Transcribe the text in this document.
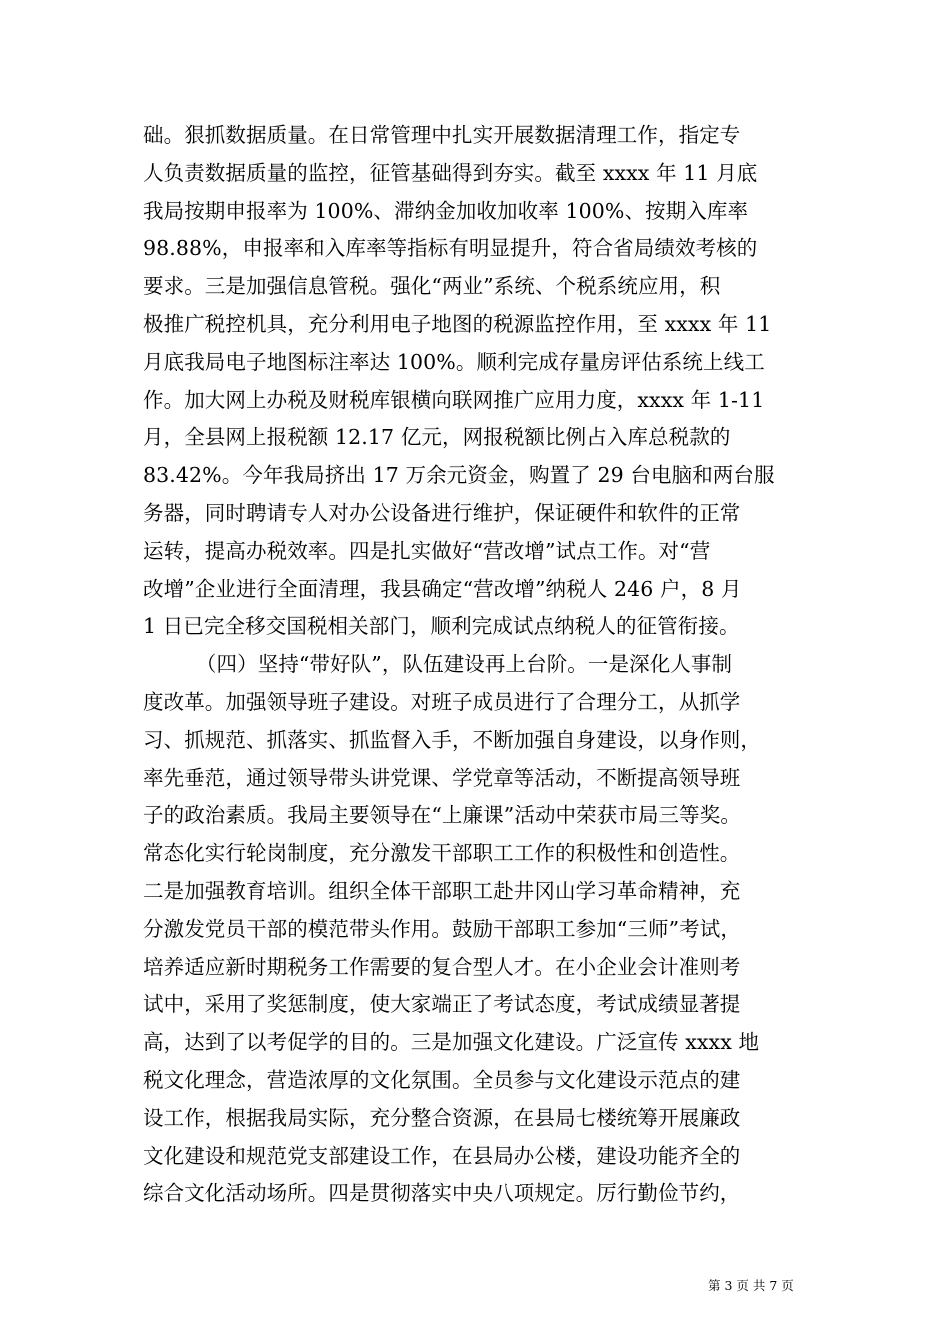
础。狠抓数据质量。在日常管理中扎实开展数据清理工作，指定专
人负责数据质量的监控，征管基础得到夯实。截至 xxxx 年 11 月底
我局按期申报率为 100%、滞纳金加收加收率 100%、按期入库率
98.88%，申报率和入库率等指标有明显提升，符合省局绩效考核的
要求。三是加强信息管税。强化“两业”系统、个税系统应用，积
极推广税控机具，充分利用电子地图的税源监控作用，至 xxxx 年 11
月底我局电子地图标注率达 100%。顺利完成存量房评估系统上线工
作。加大网上办税及财税库银横向联网推广应用力度，xxxx 年 1-11
月，全县网上报税额 12.17 亿元，网报税额比例占入库总税款的
83.42%。今年我局挤出 17 万余元资金，购置了 29 台电脑和两台服
务器，同时聘请专人对办公设备进行维护，保证硬件和软件的正常
运转，提高办税效率。四是扎实做好“营改增”试点工作。对“营
改增”企业进行全面清理，我县确定“营改增”纳税人 246 户，8 月
1 日已完全移交国税相关部门，顺利完成试点纳税人的征管衔接。
（四）坚持“带好队”，队伍建设再上台阶。一是深化人事制
度改革。加强领导班子建设。对班子成员进行了合理分工，从抓学
习、抓规范、抓落实、抓监督入手，不断加强自身建设，以身作则，
率先垂范，通过领导带头讲党课、学党章等活动，不断提高领导班
子的政治素质。我局主要领导在“上廉课”活动中荣获市局三等奖。
常态化实行轮岗制度，充分激发干部职工工作的积极性和创造性。
二是加强教育培训。组织全体干部职工赴井冈山学习革命精神，充
分激发党员干部的模范带头作用。鼓励干部职工参加“三师”考试，
培养适应新时期税务工作需要的复合型人才。在小企业会计准则考
试中，采用了奖惩制度，使大家端正了考试态度，考试成绩显著提
高，达到了以考促学的目的。三是加强文化建设。广泛宣传 xxxx 地
税文化理念，营造浓厚的文化氛围。全员参与文化建设示范点的建
设工作，根据我局实际，充分整合资源，在县局七楼统筹开展廉政
文化建设和规范党支部建设工作，在县局办公楼，建设功能齐全的
综合文化活动场所。四是贯彻落实中央八项规定。厉行勤俭节约，
第 3 页 共 7 页
